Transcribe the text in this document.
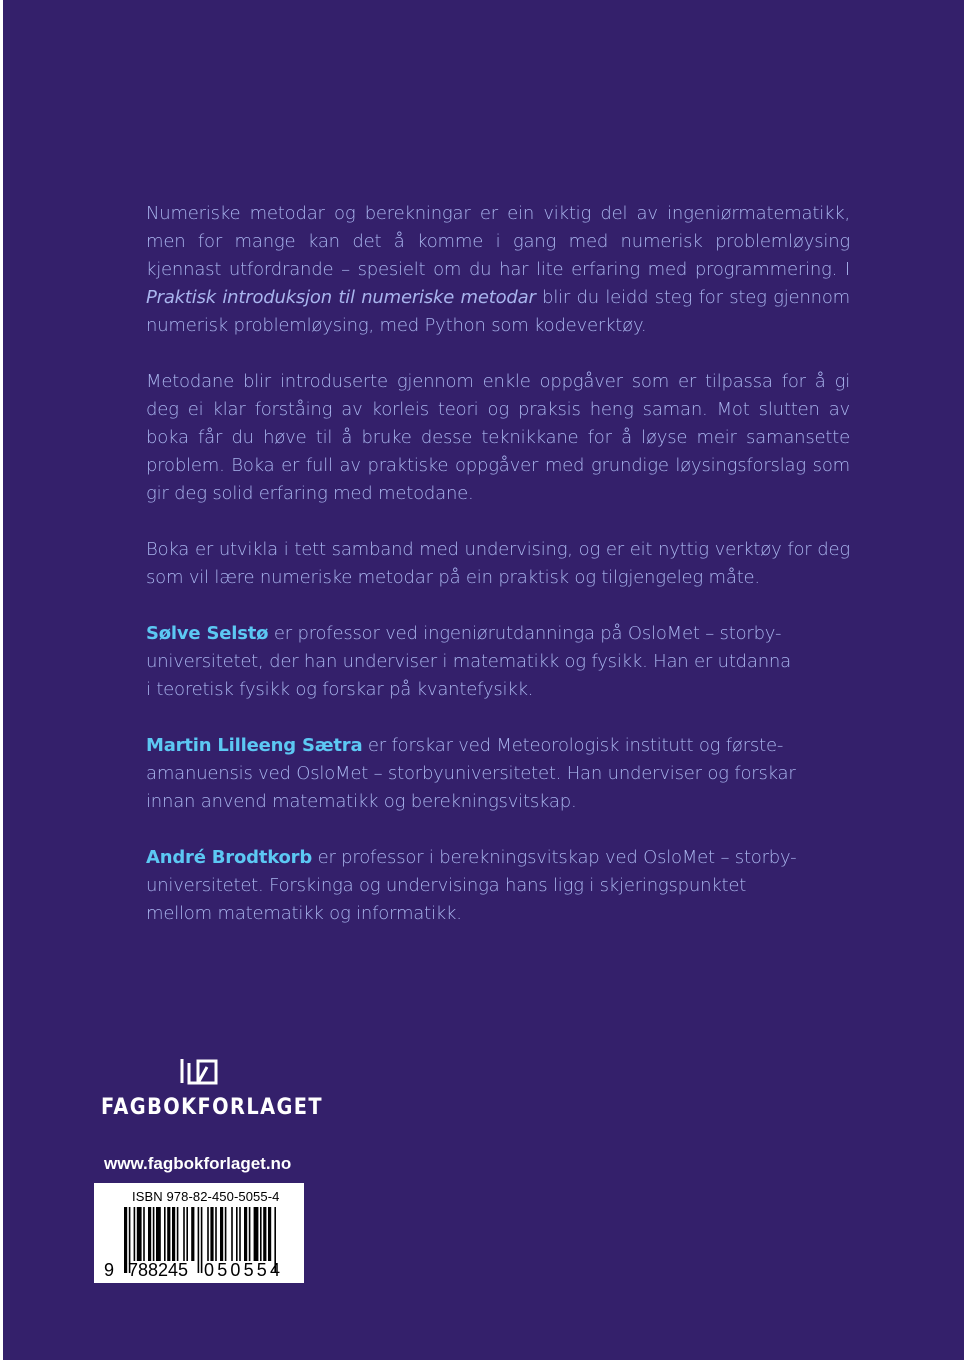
Numeriske metodar og berekningar er ein viktig del av ingeniørmatematikk, men for mange kan det å komme i gang med numerisk problemløysing kjennast utfordrande – spesielt om du har lite erfaring med programmering. I Praktisk introduksjon til numeriske metodar blir du leidd steg for steg gjennom numerisk problemløysing, med Python som kodeverktøy.

Metodane blir introduserte gjennom enkle oppgåver som er tilpassa for å gi deg ei klar forståing av korleis teori og praksis heng saman. Mot slutten av boka får du høve til å bruke desse teknikkane for å løyse meir samansette problem. Boka er full av praktiske oppgåver med grundige løysingsforslag som gir deg solid erfaring med metodane.

Boka er utvikla i tett samband med undervising, og er eit nyttig verktøy for deg som vil lære numeriske metodar på ein praktisk og tilgjengeleg måte.

Sølve Selstø er professor ved ingeniørutdanninga på OsloMet – storby-
universitetet, der han underviser i matematikk og fysikk. Han er utdanna
i teoretisk fysikk og forskar på kvantefysikk.

Martin Lilleeng Sætra er forskar ved Meteorologisk institutt og første-
amanuensis ved OsloMet – storbyuniversitetet. Han underviser og forskar
innan anvend matematikk og berekningsvitskap.

André Brodtkorb er professor i berekningsvitskap ved OsloMet – storby-
universitetet. Forskinga og undervisinga hans ligg i skjeringspunktet
mellom matematikk og informatikk.

FAGBOKFORLAGET
www.fagbokforlaget.no
ISBN 978-82-450-5055-4
9 788245 050554
